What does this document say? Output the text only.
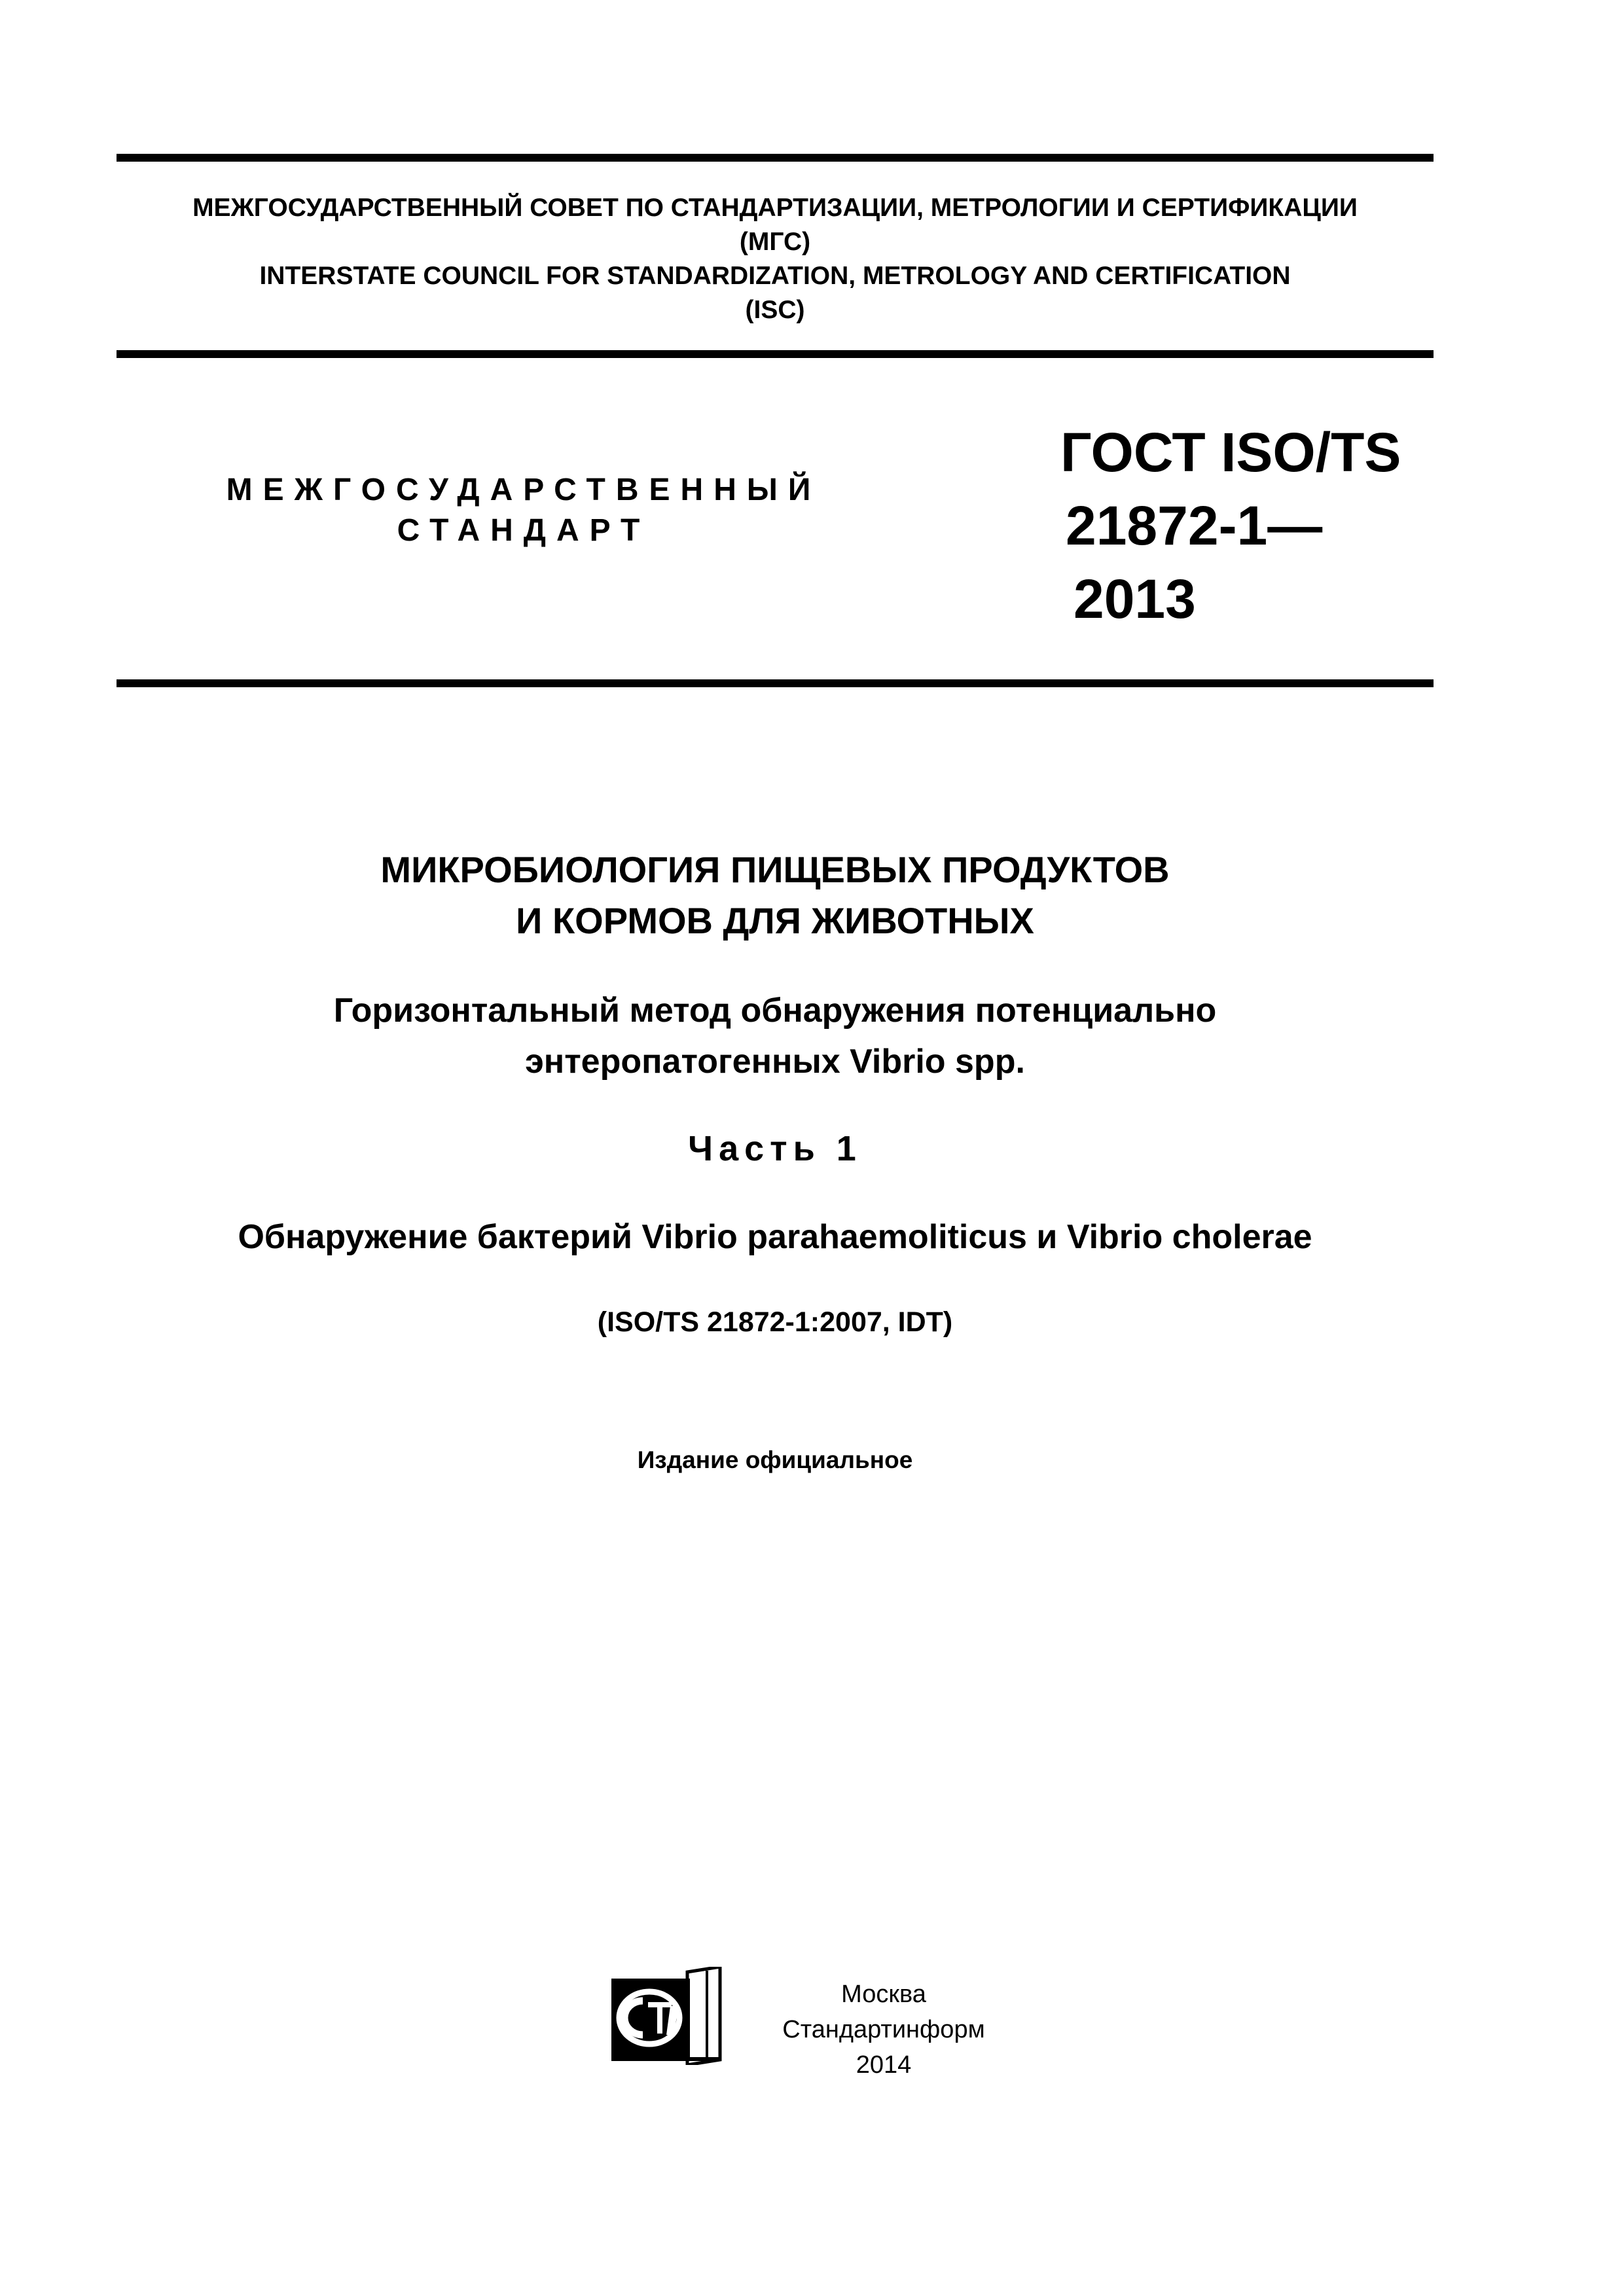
МЕЖГОСУДАРСТВЕННЫЙ СОВЕТ ПО СТАНДАРТИЗАЦИИ, МЕТРОЛОГИИ И СЕРТИФИКАЦИИ
(МГС)
INTERSTATE COUNCIL FOR STANDARDIZATION, METROLOGY AND CERTIFICATION
(ISC)
МЕЖГОСУДАРСТВЕННЫЙ
СТАНДАРТ
ГОСТ ISO/TS
21872-1—
2013
МИКРОБИОЛОГИЯ ПИЩЕВЫХ ПРОДУКТОВ
И КОРМОВ ДЛЯ ЖИВОТНЫХ
Горизонтальный метод обнаружения потенциально
энтеропатогенных Vibrio spp.
Часть 1
Обнаружение бактерий Vibrio parahaemoliticus и Vibrio cholerae
(ISO/TS 21872-1:2007, IDT)
Издание официальное
Москва
Стандартинформ
2014
